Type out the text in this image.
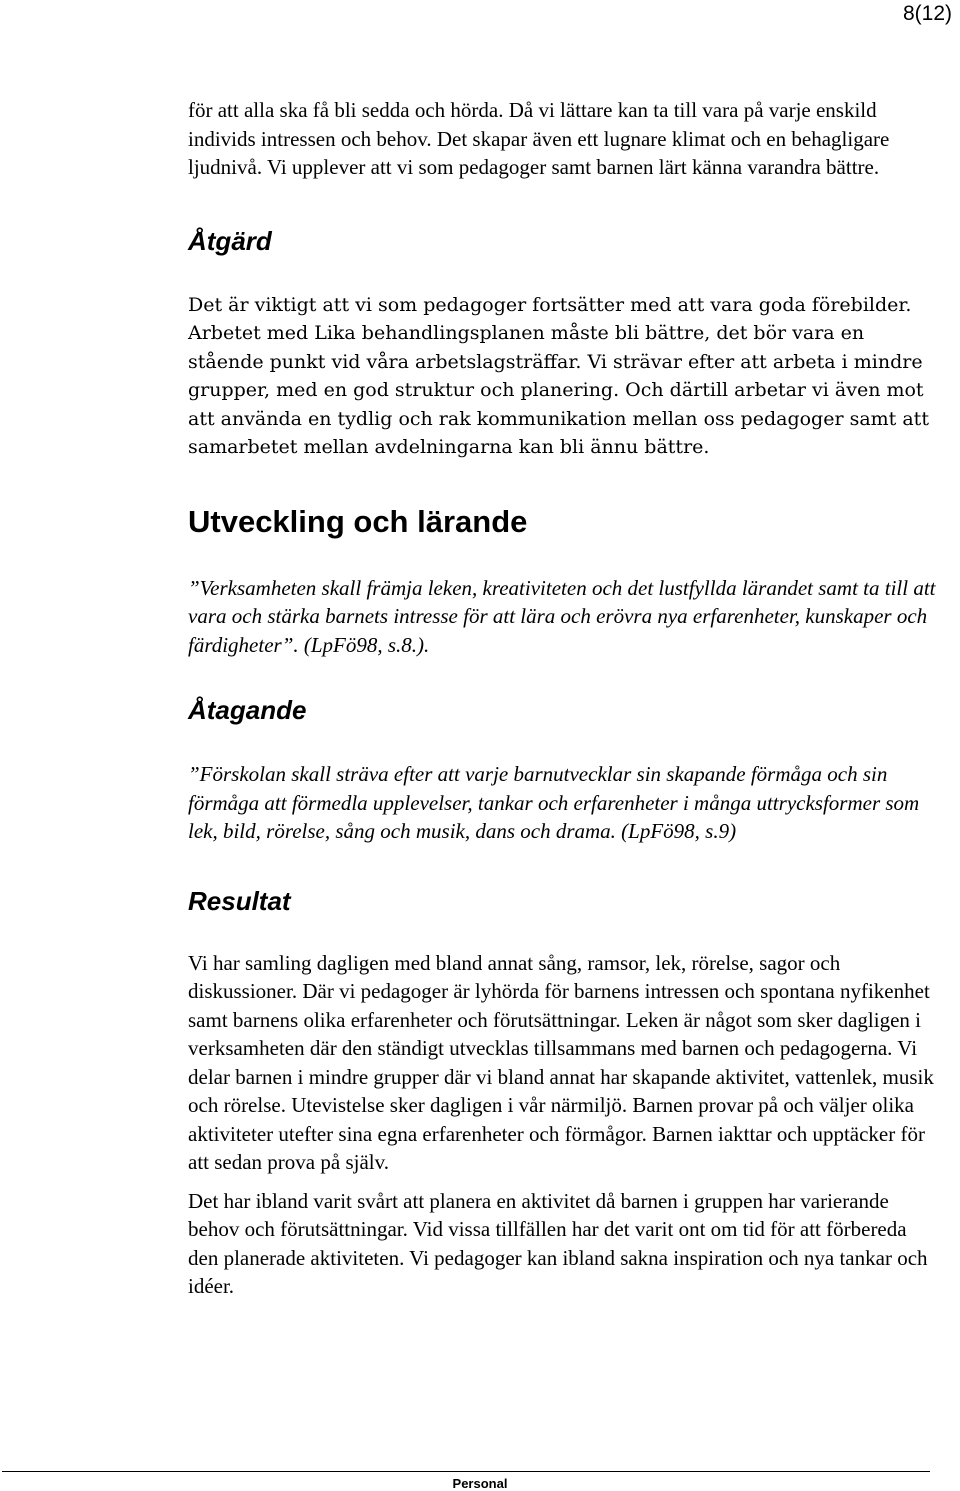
8(12)

för att alla ska få bli sedda och hörda. Då vi lättare kan ta till vara på varje enskild individs intressen och behov. Det skapar även ett lugnare klimat och en behagligare ljudnivå. Vi upplever att vi som pedagoger samt barnen lärt känna varandra bättre.

Åtgärd

Det är viktigt att vi som pedagoger fortsätter med att vara goda förebilder. Arbetet med Lika behandlingsplanen måste bli bättre, det bör vara en stående punkt vid våra arbetslagsträffar. Vi strävar efter att arbeta i mindre grupper, med en god struktur och planering. Och därtill arbetar vi även mot att använda en tydlig och rak kommunikation mellan oss pedagoger samt att samarbetet mellan avdelningarna kan bli ännu bättre.

Utveckling och lärande

”Verksamheten skall främja leken, kreativiteten och det lustfyllda lärandet samt ta till att vara och stärka barnets intresse för att lära och erövra nya erfarenheter, kunskaper och färdigheter”. (LpFö98, s.8.).

Åtagande

”Förskolan skall sträva efter att varje barnutvecklar sin skapande förmåga och sin förmåga att förmedla upplevelser, tankar och erfarenheter i många uttrycksformer som lek, bild, rörelse, sång och musik, dans och drama. (LpFö98, s.9)

Resultat

Vi har samling dagligen med bland annat sång, ramsor, lek, rörelse, sagor och diskussioner. Där vi pedagoger är lyhörda för barnens intressen och spontana nyfikenhet samt barnens olika erfarenheter och förutsättningar. Leken är något som sker dagligen i verksamheten där den ständigt utvecklas tillsammans med barnen och pedagogerna. Vi delar barnen i mindre grupper där vi bland annat har skapande aktivitet, vattenlek, musik och rörelse. Utevistelse sker dagligen i vår närmiljö. Barnen provar på och väljer olika aktiviteter utefter sina egna erfarenheter och förmågor. Barnen iakttar och upptäcker för att sedan prova på själv.

Det har ibland varit svårt att planera en aktivitet då barnen i gruppen har varierande behov och förutsättningar. Vid vissa tillfällen har det varit ont om tid för att förbereda den planerade aktiviteten. Vi pedagoger kan ibland sakna inspiration och nya tankar och idéer.

Personal
